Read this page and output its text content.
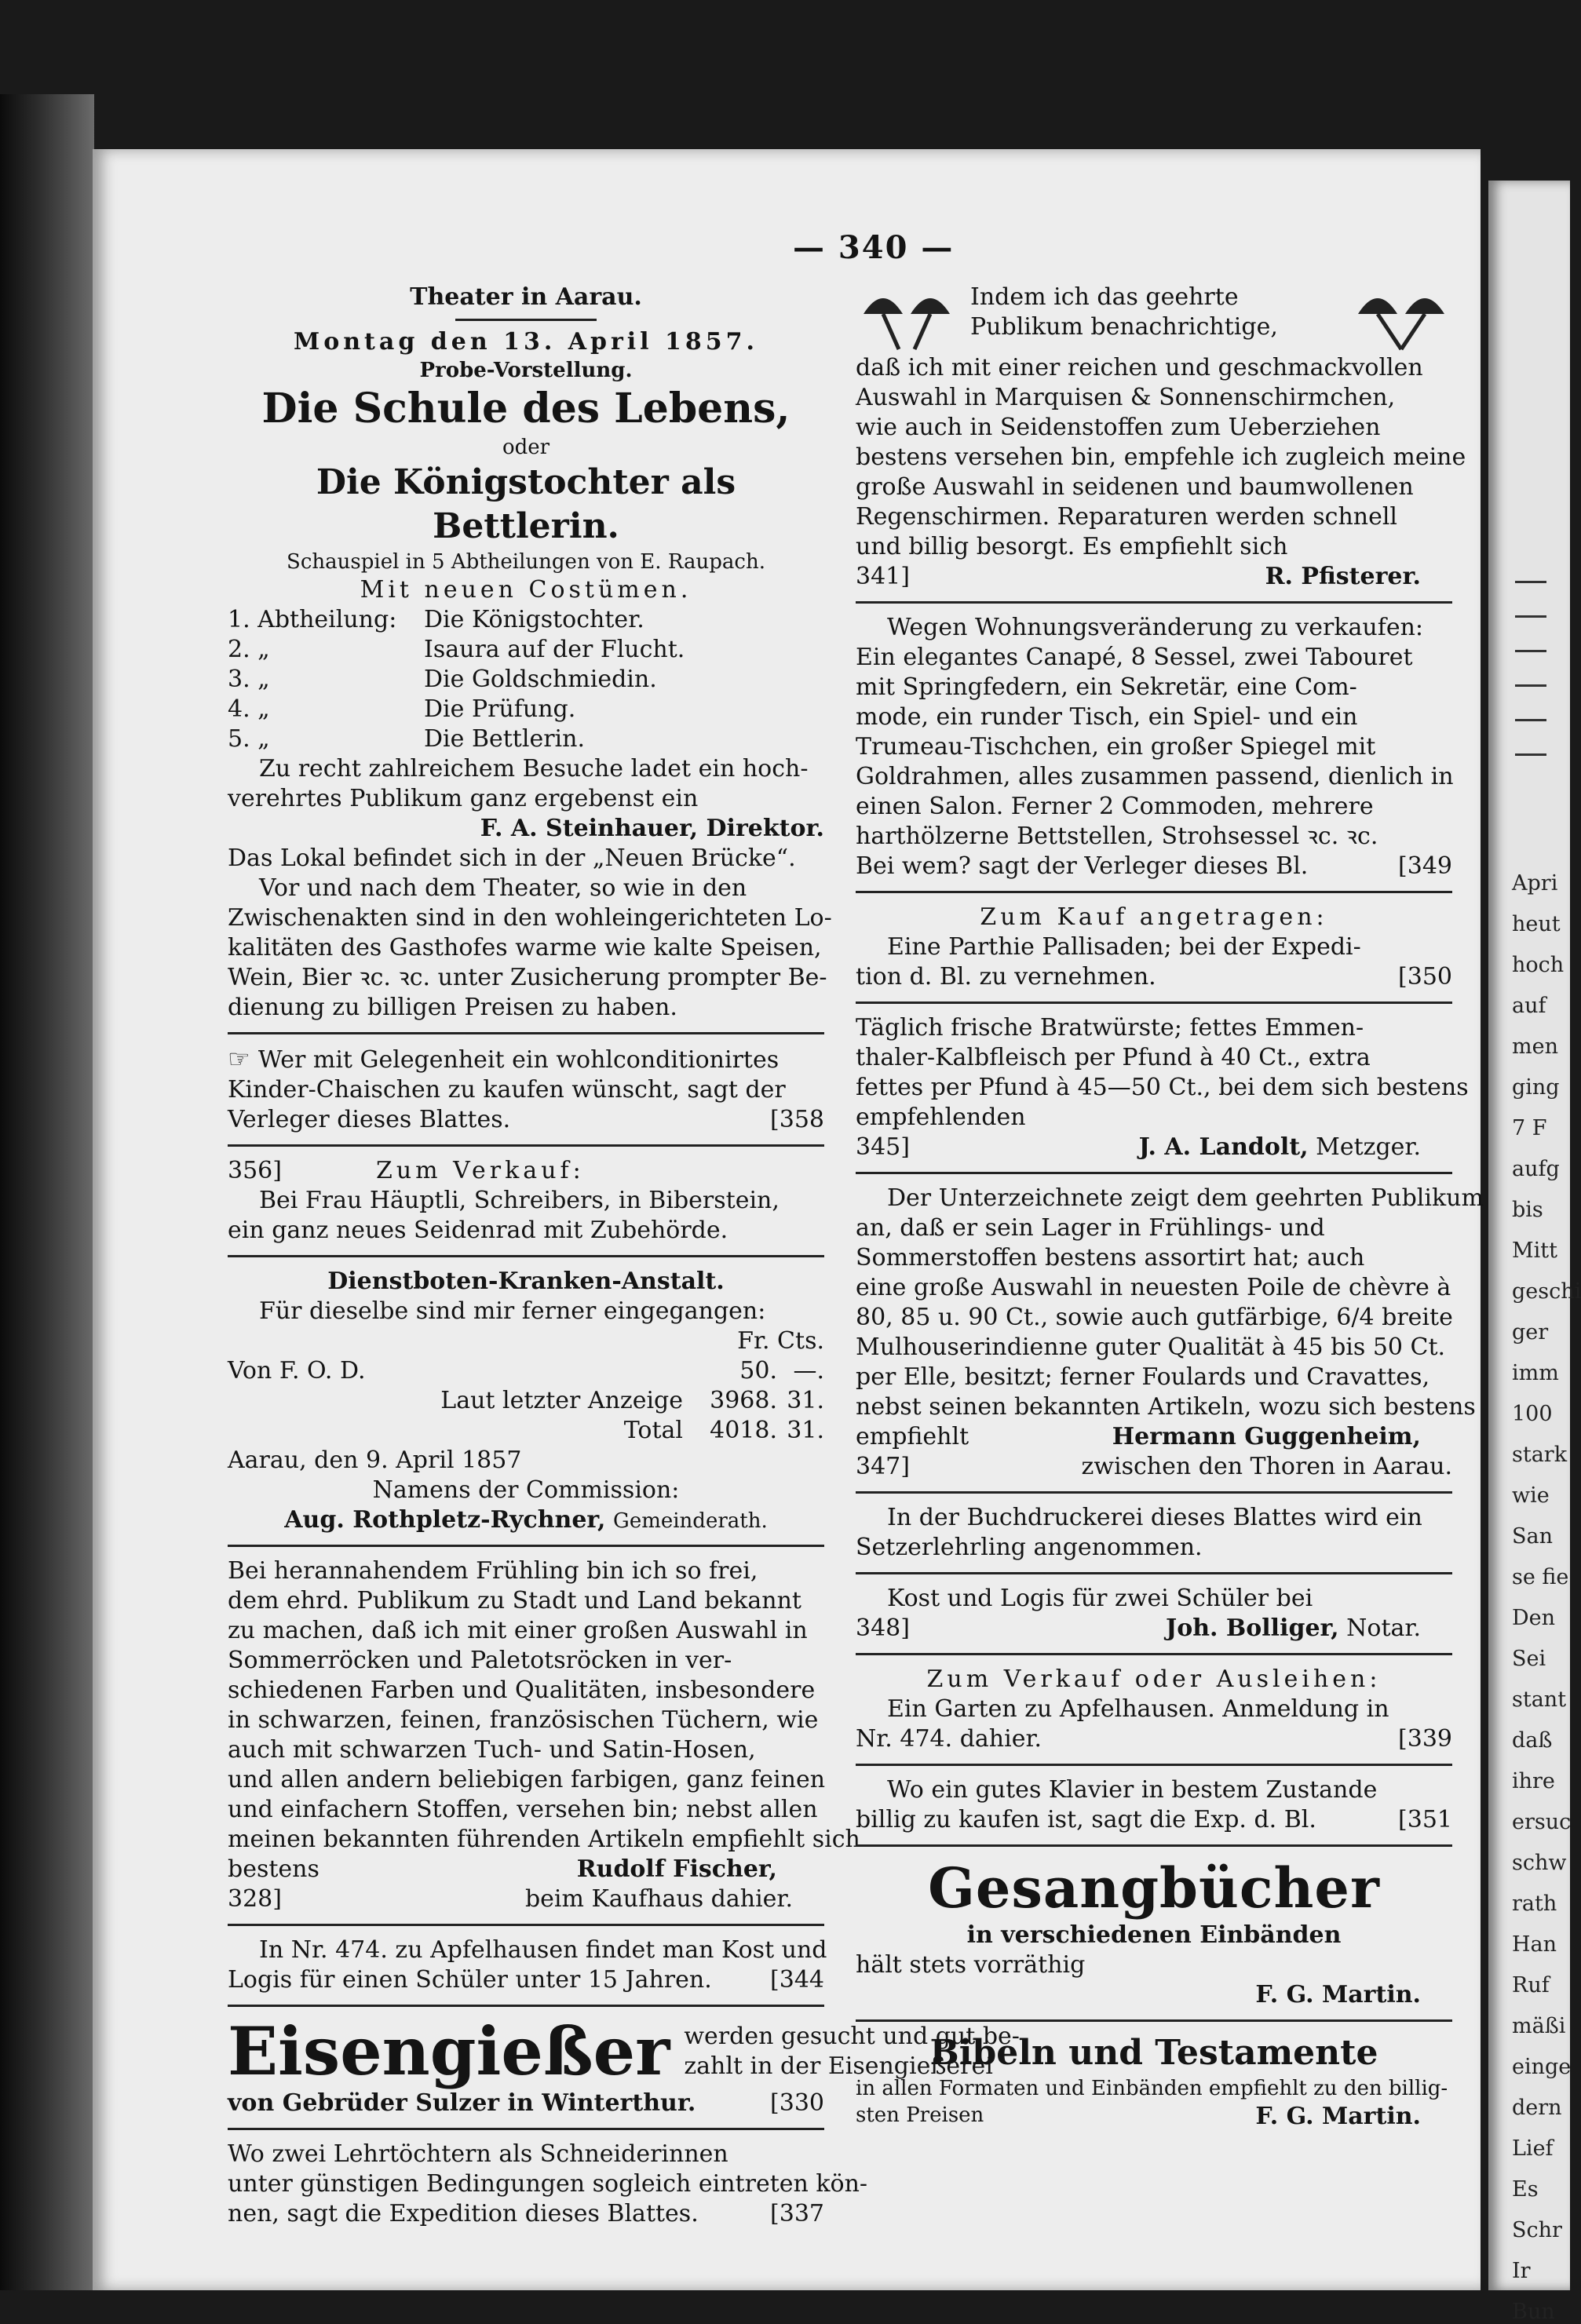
Apri
heut
hoch
auf
men
ging
7 F
aufg
bis
Mitt
geschi
ger
imm
100
stark
wie
San
se fie
Den
Sei
stant
daß
ihre
ersuc
schw
rath
Han
Ruf
mäßi
einge
dern
Lief
Es
Schr
Ir
Bun
— 340 —
Theater in Aarau.
Montag den 13. April 1857.
Probe-Vorstellung.
Die Schule des Lebens,
oder
Die Königstochter als Bettlerin.
Schauspiel in 5 Abtheilungen von E. Raupach.
Mit neuen Costümen.
1. Abtheilung:	Die Königstochter.
2. „	Isaura auf der Flucht.
3. „	Die Goldschmiedin.
4. „	Die Prüfung.
5. „	Die Bettlerin.
Zu recht zahlreichem Besuche ladet ein hoch-
verehrtes Publikum ganz ergebenst ein
F. A. Steinhauer, Direktor.
Das Lokal befindet sich in der „Neuen Brücke“.
Vor und nach dem Theater, so wie in den
Zwischenakten sind in den wohleingerichteten Lo-
kalitäten des Gasthofes warme wie kalte Speisen,
Wein, Bier ꝛc. ꝛc. unter Zusicherung prompter Be-
dienung zu billigen Preisen zu haben.
☞ Wer mit Gelegenheit ein wohlconditionirtes
Kinder-Chaischen zu kaufen wünscht, sagt der
Verleger dieses Blattes.	[358
356]	Zum Verkauf:
Bei Frau Häuptli, Schreibers, in Biberstein,
ein ganz neues Seidenrad mit Zubehörde.
Dienstboten-Kranken-Anstalt.
Für dieselbe sind mir ferner eingegangen:
Fr. Cts.
Von F. O. D.	50. —.
Laut letzter Anzeige	3968. 31.
Total	4018. 31.
Aarau, den 9. April 1857
Namens der Commission:
Aug. Rothpletz-Rychner, Gemeinderath.
Bei herannahendem Frühling bin ich so frei,
dem ehrd. Publikum zu Stadt und Land bekannt
zu machen, daß ich mit einer großen Auswahl in
Sommerröcken und Paletotsröcken in ver-
schiedenen Farben und Qualitäten, insbesondere
in schwarzen, feinen, französischen Tüchern, wie
auch mit schwarzen Tuch- und Satin-Hosen,
und allen andern beliebigen farbigen, ganz feinen
und einfachern Stoffen, versehen bin; nebst allen
meinen bekannten führenden Artikeln empfiehlt sich
bestens	Rudolf Fischer,
328]	beim Kaufhaus dahier.
In Nr. 474. zu Apfelhausen findet man Kost und
Logis für einen Schüler unter 15 Jahren. [344
Eisengießer werden gesucht und gut be-
zahlt in der Eisengießerei
von Gebrüder Sulzer in Winterthur.	[330
Wo zwei Lehrtöchtern als Schneiderinnen
unter günstigen Bedingungen sogleich eintreten kön-
nen, sagt die Expedition dieses Blattes.	[337
Indem ich das geehrte
Publikum benachrichtige,
daß ich mit einer reichen und geschmackvollen
Auswahl in Marquisen & Sonnenschirmchen,
wie auch in Seidenstoffen zum Ueberziehen
bestens versehen bin, empfehle ich zugleich meine
große Auswahl in seidenen und baumwollenen
Regenschirmen. Reparaturen werden schnell
und billig besorgt. Es empfiehlt sich
341]	R. Pfisterer.
Wegen Wohnungsveränderung zu verkaufen:
Ein elegantes Canapé, 8 Sessel, zwei Tabouret
mit Springfedern, ein Sekretär, eine Com-
mode, ein runder Tisch, ein Spiel- und ein
Trumeau-Tischchen, ein großer Spiegel mit
Goldrahmen, alles zusammen passend, dienlich in
einen Salon. Ferner 2 Commoden, mehrere
harthölzerne Bettstellen, Strohsessel ꝛc. ꝛc.
Bei wem? sagt der Verleger dieses Bl.	[349
Zum Kauf angetragen:
Eine Parthie Pallisaden; bei der Expedi-
tion d. Bl. zu vernehmen.	[350
Täglich frische Bratwürste; fettes Emmen-
thaler-Kalbfleisch per Pfund à 40 Ct., extra
fettes per Pfund à 45—50 Ct., bei dem sich bestens
empfehlenden
345]	J. A. Landolt, Metzger.
Der Unterzeichnete zeigt dem geehrten Publikum
an, daß er sein Lager in Frühlings- und
Sommerstoffen bestens assortirt hat; auch
eine große Auswahl in neuesten Poile de chèvre à
80, 85 u. 90 Ct., sowie auch gutfärbige, 6/4 breite
Mulhouserindienne guter Qualität à 45 bis 50 Ct.
per Elle, besitzt; ferner Foulards und Cravattes,
nebst seinen bekannten Artikeln, wozu sich bestens
empfiehlt	Hermann Guggenheim,
347]	zwischen den Thoren in Aarau.
In der Buchdruckerei dieses Blattes wird ein
Setzerlehrling angenommen.
Kost und Logis für zwei Schüler bei
348]	Joh. Bolliger, Notar.
Zum Verkauf oder Ausleihen:
Ein Garten zu Apfelhausen. Anmeldung in
Nr. 474. dahier.	[339
Wo ein gutes Klavier in bestem Zustande
billig zu kaufen ist, sagt die Exp. d. Bl.	[351
Gesangbücher
in verschiedenen Einbänden
hält stets vorräthig
F. G. Martin.
Bibeln und Testamente
in allen Formaten und Einbänden empfiehlt zu den billig-
sten Preisen	F. G. Martin.
